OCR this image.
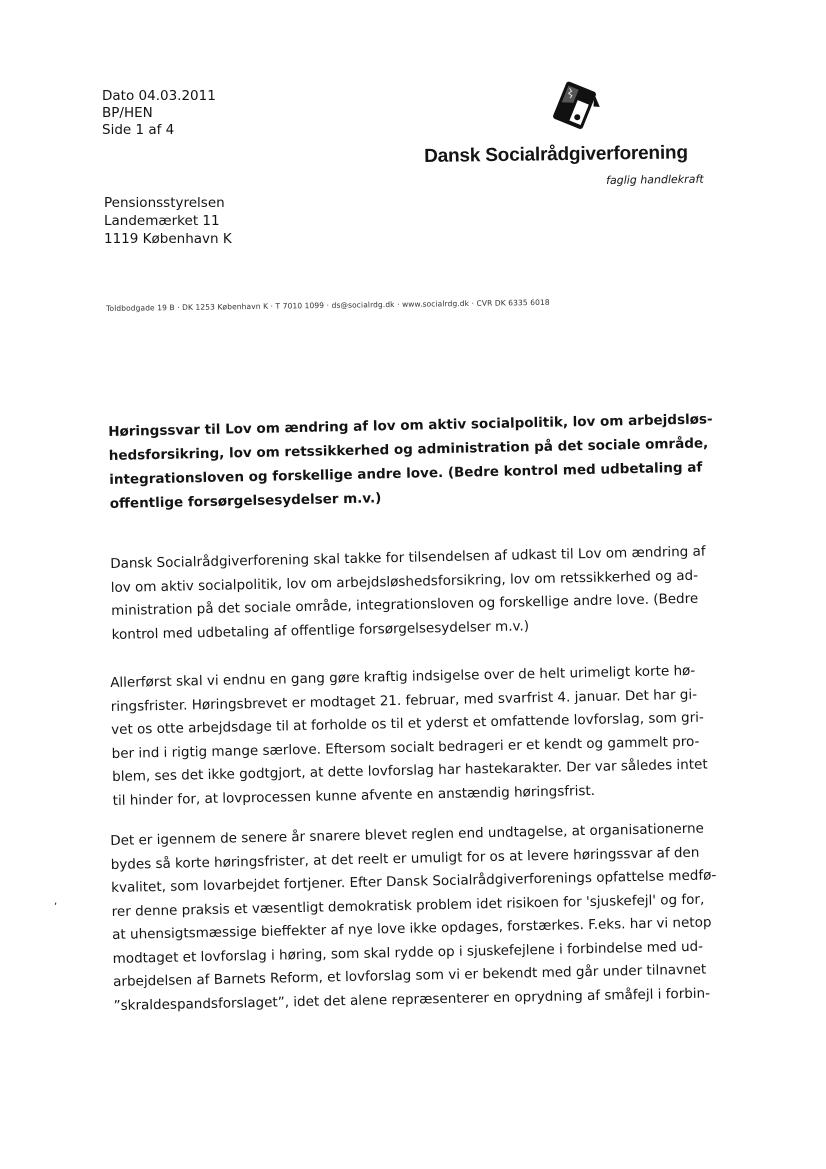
Dato 04.03.2011
BP/HEN
Side 1 af 4
Dansk Socialrådgiverforening
faglig handlekraft
Pensionsstyrelsen
Landemærket 11
1119 København K
Toldbodgade 19 B · DK 1253 København K · T 7010 1099 · ds@socialrdg.dk · www.socialrdg.dk · CVR DK 6335 6018
Høringssvar til Lov om ændring af lov om aktiv socialpolitik, lov om arbejdsløs-
hedsforsikring, lov om retssikkerhed og administration på det sociale område,
integrationsloven og forskellige andre love. (Bedre kontrol med udbetaling af
offentlige forsørgelsesydelser m.v.)
Dansk Socialrådgiverforening skal takke for tilsendelsen af udkast til Lov om ændring af
lov om aktiv socialpolitik, lov om arbejdsløshedsforsikring, lov om retssikkerhed og ad-
ministration på det sociale område, integrationsloven og forskellige andre love. (Bedre
kontrol med udbetaling af offentlige forsørgelsesydelser m.v.)
Allerførst skal vi endnu en gang gøre kraftig indsigelse over de helt urimeligt korte hø-
ringsfrister. Høringsbrevet er modtaget 21. februar, med svarfrist 4. januar. Det har gi-
vet os otte arbejdsdage til at forholde os til et yderst et omfattende lovforslag, som gri-
ber ind i rigtig mange særlove. Eftersom socialt bedrageri er et kendt og gammelt pro-
blem, ses det ikke godtgjort, at dette lovforslag har hastekarakter. Der var således intet
til hinder for, at lovprocessen kunne afvente en anstændig høringsfrist.
Det er igennem de senere år snarere blevet reglen end undtagelse, at organisationerne
bydes så korte høringsfrister, at det reelt er umuligt for os at levere høringssvar af den
kvalitet, som lovarbejdet fortjener. Efter Dansk Socialrådgiverforenings opfattelse medfø-
rer denne praksis et væsentligt demokratisk problem idet risikoen for 'sjuskefejl' og for,
at uhensigtsmæssige bieffekter af nye love ikke opdages, forstærkes. F.eks. har vi netop
modtaget et lovforslag i høring, som skal rydde op i sjuskefejlene i forbindelse med ud-
arbejdelsen af Barnets Reform, et lovforslag som vi er bekendt med går under tilnavnet
”skraldespandsforslaget”, idet det alene repræsenterer en oprydning af småfejl i forbin-
,
